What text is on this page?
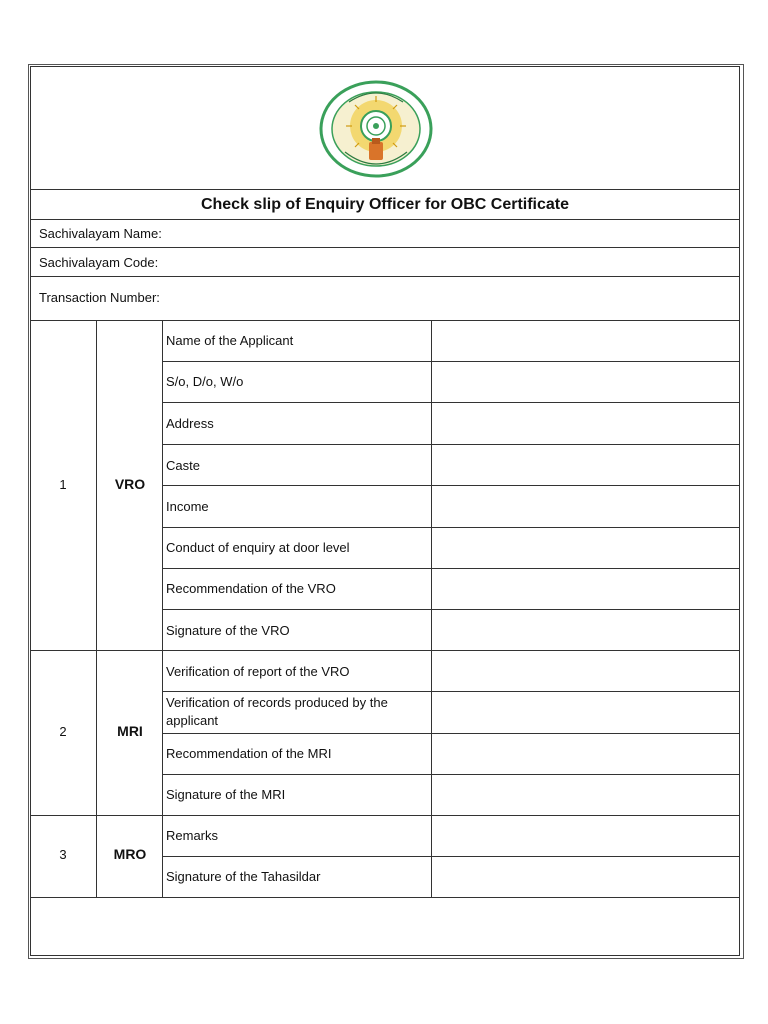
Check slip of Enquiry Officer for OBC Certificate
Sachivalayam Name:
Sachivalayam Code:
Transaction Number:
1	VRO
Name of the Applicant
S/o, D/o, W/o
Address
Caste
Income
Conduct of enquiry at door level
Recommendation of the VRO
Signature of the VRO
2	MRI
Verification of report of the VRO
Verification of records produced by the applicant
Recommendation of the MRI
Signature of the MRI
3	MRO
Remarks
Signature of the Tahasildar
